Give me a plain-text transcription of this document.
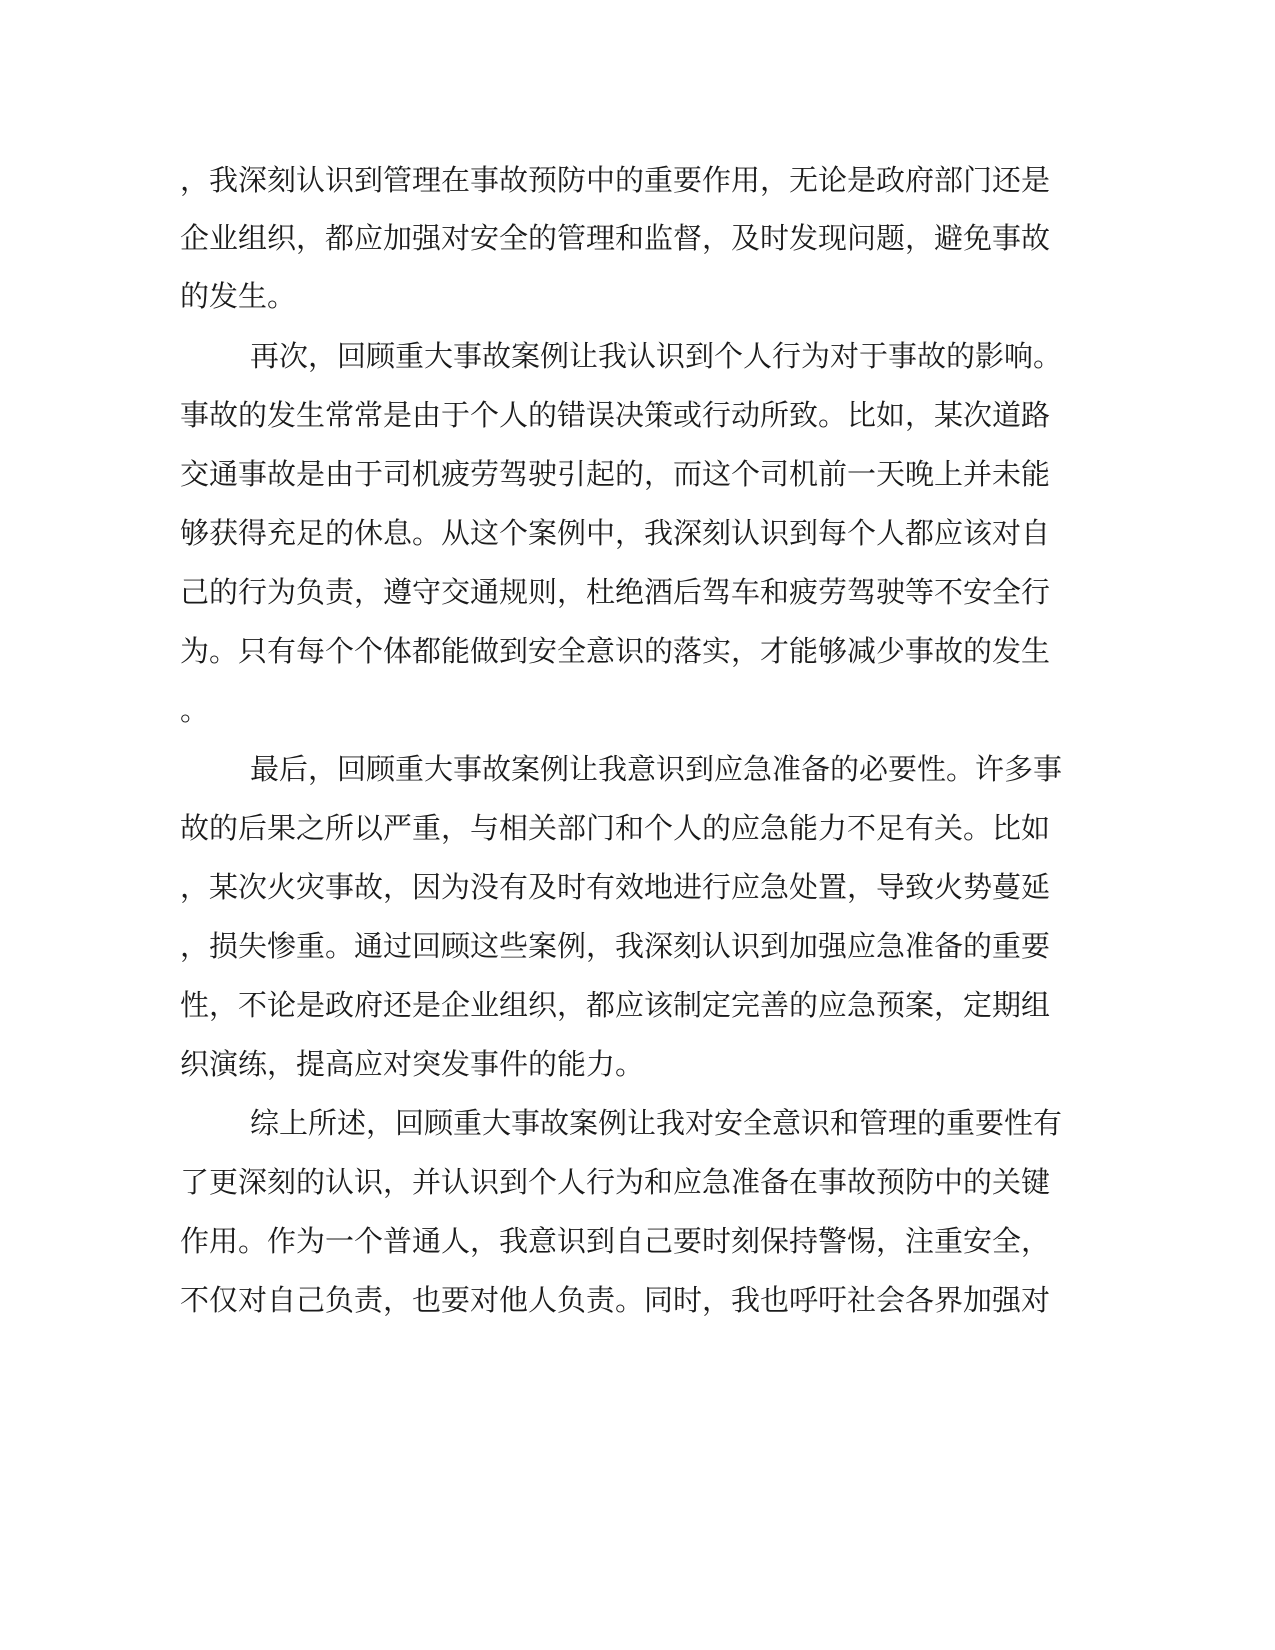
，我深刻认识到管理在事故预防中的重要作用，无论是政府部门还是
企业组织，都应加强对安全的管理和监督，及时发现问题，避免事故
的发生。
再次，回顾重大事故案例让我认识到个人行为对于事故的影响。
事故的发生常常是由于个人的错误决策或行动所致。比如，某次道路
交通事故是由于司机疲劳驾驶引起的，而这个司机前一天晚上并未能
够获得充足的休息。从这个案例中，我深刻认识到每个人都应该对自
己的行为负责，遵守交通规则，杜绝酒后驾车和疲劳驾驶等不安全行
为。只有每个个体都能做到安全意识的落实，才能够减少事故的发生
。
最后，回顾重大事故案例让我意识到应急准备的必要性。许多事
故的后果之所以严重，与相关部门和个人的应急能力不足有关。比如
，某次火灾事故，因为没有及时有效地进行应急处置，导致火势蔓延
，损失惨重。通过回顾这些案例，我深刻认识到加强应急准备的重要
性，不论是政府还是企业组织，都应该制定完善的应急预案，定期组
织演练，提高应对突发事件的能力。
综上所述，回顾重大事故案例让我对安全意识和管理的重要性有
了更深刻的认识，并认识到个人行为和应急准备在事故预防中的关键
作用。作为一个普通人，我意识到自己要时刻保持警惕，注重安全，
不仅对自己负责，也要对他人负责。同时，我也呼吁社会各界加强对
